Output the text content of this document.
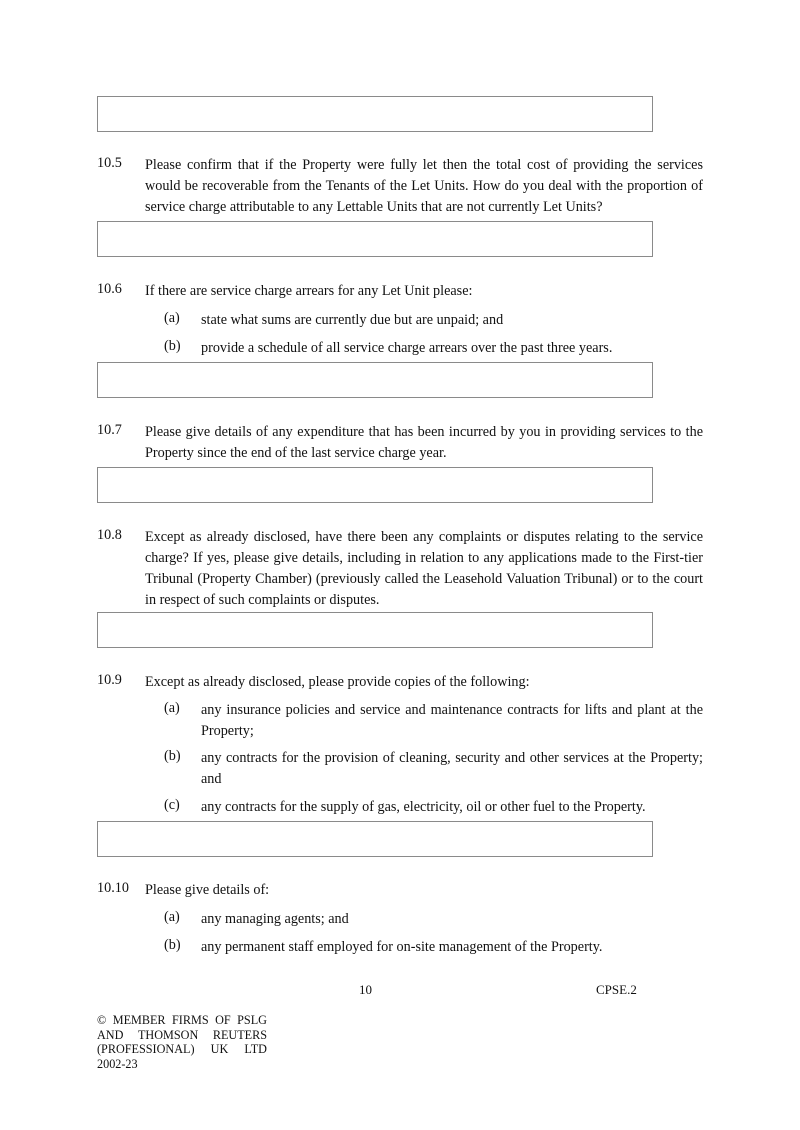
10.5 Please confirm that if the Property were fully let then the total cost of providing the services would be recoverable from the Tenants of the Let Units. How do you deal with the proportion of service charge attributable to any Lettable Units that are not currently Let Units?
10.6 If there are service charge arrears for any Let Unit please:
(a) state what sums are currently due but are unpaid; and
(b) provide a schedule of all service charge arrears over the past three years.
10.7 Please give details of any expenditure that has been incurred by you in providing services to the Property since the end of the last service charge year.
10.8 Except as already disclosed, have there been any complaints or disputes relating to the service charge? If yes, please give details, including in relation to any applications made to the First-tier Tribunal (Property Chamber) (previously called the Leasehold Valuation Tribunal) or to the court in respect of such complaints or disputes.
10.9 Except as already disclosed, please provide copies of the following:
(a) any insurance policies and service and maintenance contracts for lifts and plant at the Property;
(b) any contracts for the provision of cleaning, security and other services at the Property; and
(c) any contracts for the supply of gas, electricity, oil or other fuel to the Property.
10.10 Please give details of:
(a) any managing agents; and
(b) any permanent staff employed for on-site management of the Property.
10	CPSE.2
© MEMBER FIRMS OF PSLG
AND THOMSON REUTERS
(PROFESSIONAL) UK LTD
2002-23
